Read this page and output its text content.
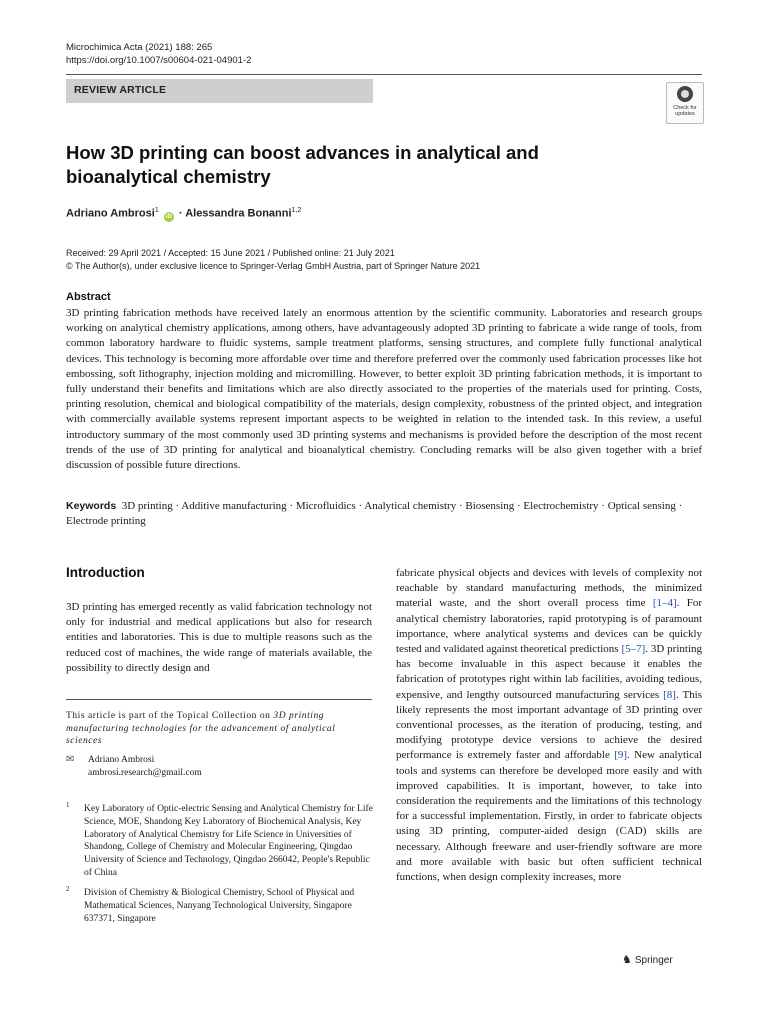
Microchimica Acta (2021) 188: 265
https://doi.org/10.1007/s00604-021-04901-2
REVIEW ARTICLE
Check for updates
How 3D printing can boost advances in analytical and bioanalytical chemistry
Adriano Ambrosi$^1$ iD · Alessandra Bonanni$^{1,2}$
Received: 29 April 2021 / Accepted: 15 June 2021 / Published online: 21 July 2021
© The Author(s), under exclusive licence to Springer-Verlag GmbH Austria, part of Springer Nature 2021
Abstract
3D printing fabrication methods have received lately an enormous attention by the scientific community. Laboratories and research groups working on analytical chemistry applications, among others, have advantageously adopted 3D printing to fabricate a wide range of tools, from common laboratory hardware to fluidic systems, sample treatment platforms, sensing structures, and complete fully functional analytical devices. This technology is becoming more affordable over time and therefore preferred over the commonly used fabrication processes like hot embossing, soft lithography, injection molding and micromilling. However, to better exploit 3D printing fabrication methods, it is important to fully understand their benefits and limitations which are also directly associated to the properties of the materials used for printing. Costs, printing resolution, chemical and biological compatibility of the materials, design complexity, robustness of the printed object, and integration with commercially available systems represent important aspects to be weighted in relation to the intended task. In this review, a useful introductory summary of the most commonly used 3D printing systems and mechanisms is provided before the description of the most recent trends of the use of 3D printing for analytical and bioanalytical chemistry. Concluding remarks will be also given together with a brief discussion of possible future directions.
Keywords 3D printing · Additive manufacturing · Microfluidics · Analytical chemistry · Biosensing · Electrochemistry · Optical sensing · Electrode printing
Introduction
3D printing has emerged recently as valid fabrication technology not only for industrial and medical applications but also for research entities and laboratories. This is due to multiple reasons such as the reduced cost of machines, the wide range of materials available, the possibility to directly design and
This article is part of the Topical Collection on 3D printing manufacturing technologies for the advancement of analytical sciences
✉ Adriano Ambrosi
ambrosi.research@gmail.com
1 Key Laboratory of Optic-electric Sensing and Analytical Chemistry for Life Science, MOE, Shandong Key Laboratory of Biochemical Analysis, Key Laboratory of Analytical Chemistry for Life Science in Universities of Shandong, College of Chemistry and Molecular Engineering, Qingdao University of Science and Technology, Qingdao 266042, People's Republic of China
2 Division of Chemistry & Biological Chemistry, School of Physical and Mathematical Sciences, Nanyang Technological University, Singapore 637371, Singapore
fabricate physical objects and devices with levels of complexity not reachable by standard manufacturing methods, the minimized material waste, and the short overall process time [1–4]. For analytical chemistry laboratories, rapid prototyping is of paramount importance, where analytical systems and devices can be quickly tested and validated against theoretical predictions [5–7]. 3D printing has become invaluable in this aspect because it enables the fabrication of prototypes right within lab facilities, avoiding tedious, expensive, and lengthy outsourced manufacturing services [8]. This likely represents the most important advantage of 3D printing over conventional processes, as the iteration of producing, testing, and modifying prototype device versions to achieve the desired performance is extremely faster and affordable [9]. New analytical tools and systems can therefore be developed more easily and with improved capabilities. It is important, however, to take into consideration the requirements and the limitations of this technology for a successful implementation. Firstly, in order to fabricate objects using 3D printing, computer-aided design (CAD) skills are necessary. Although freeware and user-friendly software are more and more available with basic but often sufficient technical functions, when design complexity increases, more
♞ Springer
